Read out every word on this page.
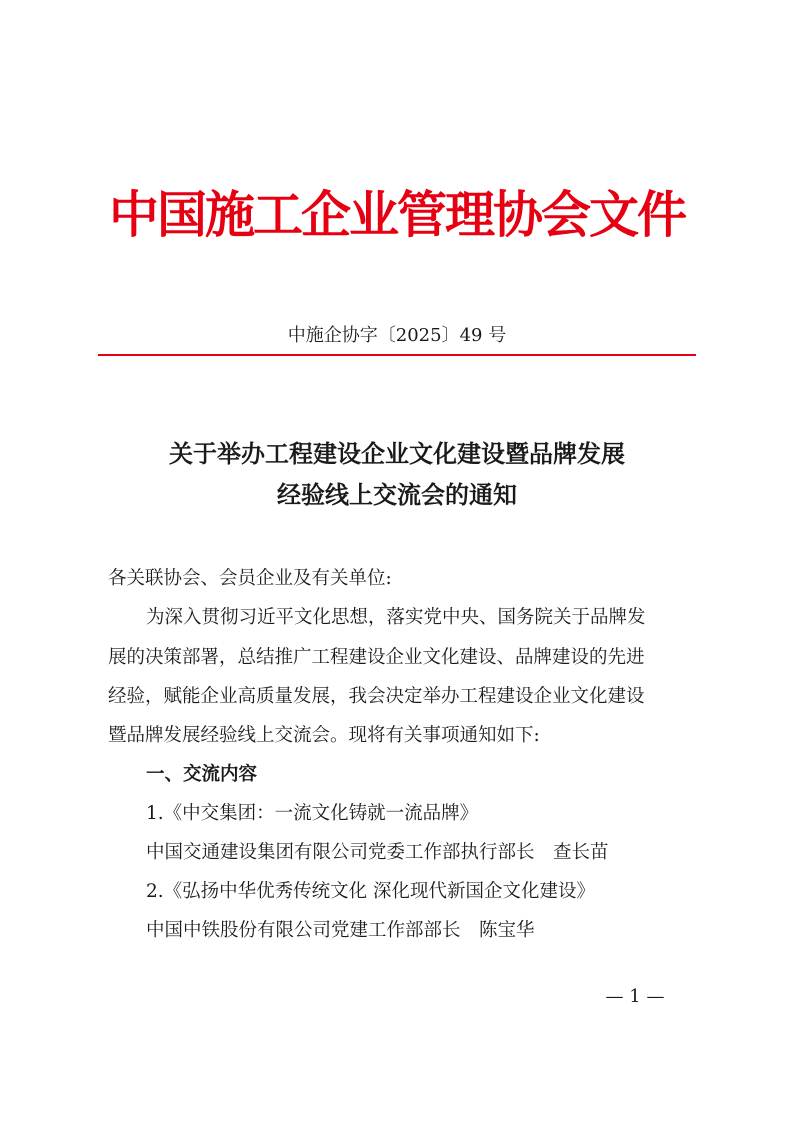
中国施工企业管理协会文件
中施企协字〔2025〕49 号
关于举办工程建设企业文化建设暨品牌发展
经验线上交流会的通知
各关联协会、会员企业及有关单位:
为深入贯彻习近平文化思想，落实党中央、国务院关于品牌发
展的决策部署，总结推广工程建设企业文化建设、品牌建设的先进
经验，赋能企业高质量发展，我会决定举办工程建设企业文化建设
暨品牌发展经验线上交流会。现将有关事项通知如下:
一、交流内容
1.《中交集团：一流文化铸就一流品牌》
中国交通建设集团有限公司党委工作部执行部长　查长苗
2.《弘扬中华优秀传统文化 深化现代新国企文化建设》
中国中铁股份有限公司党建工作部部长　陈宝华
— 1 —
